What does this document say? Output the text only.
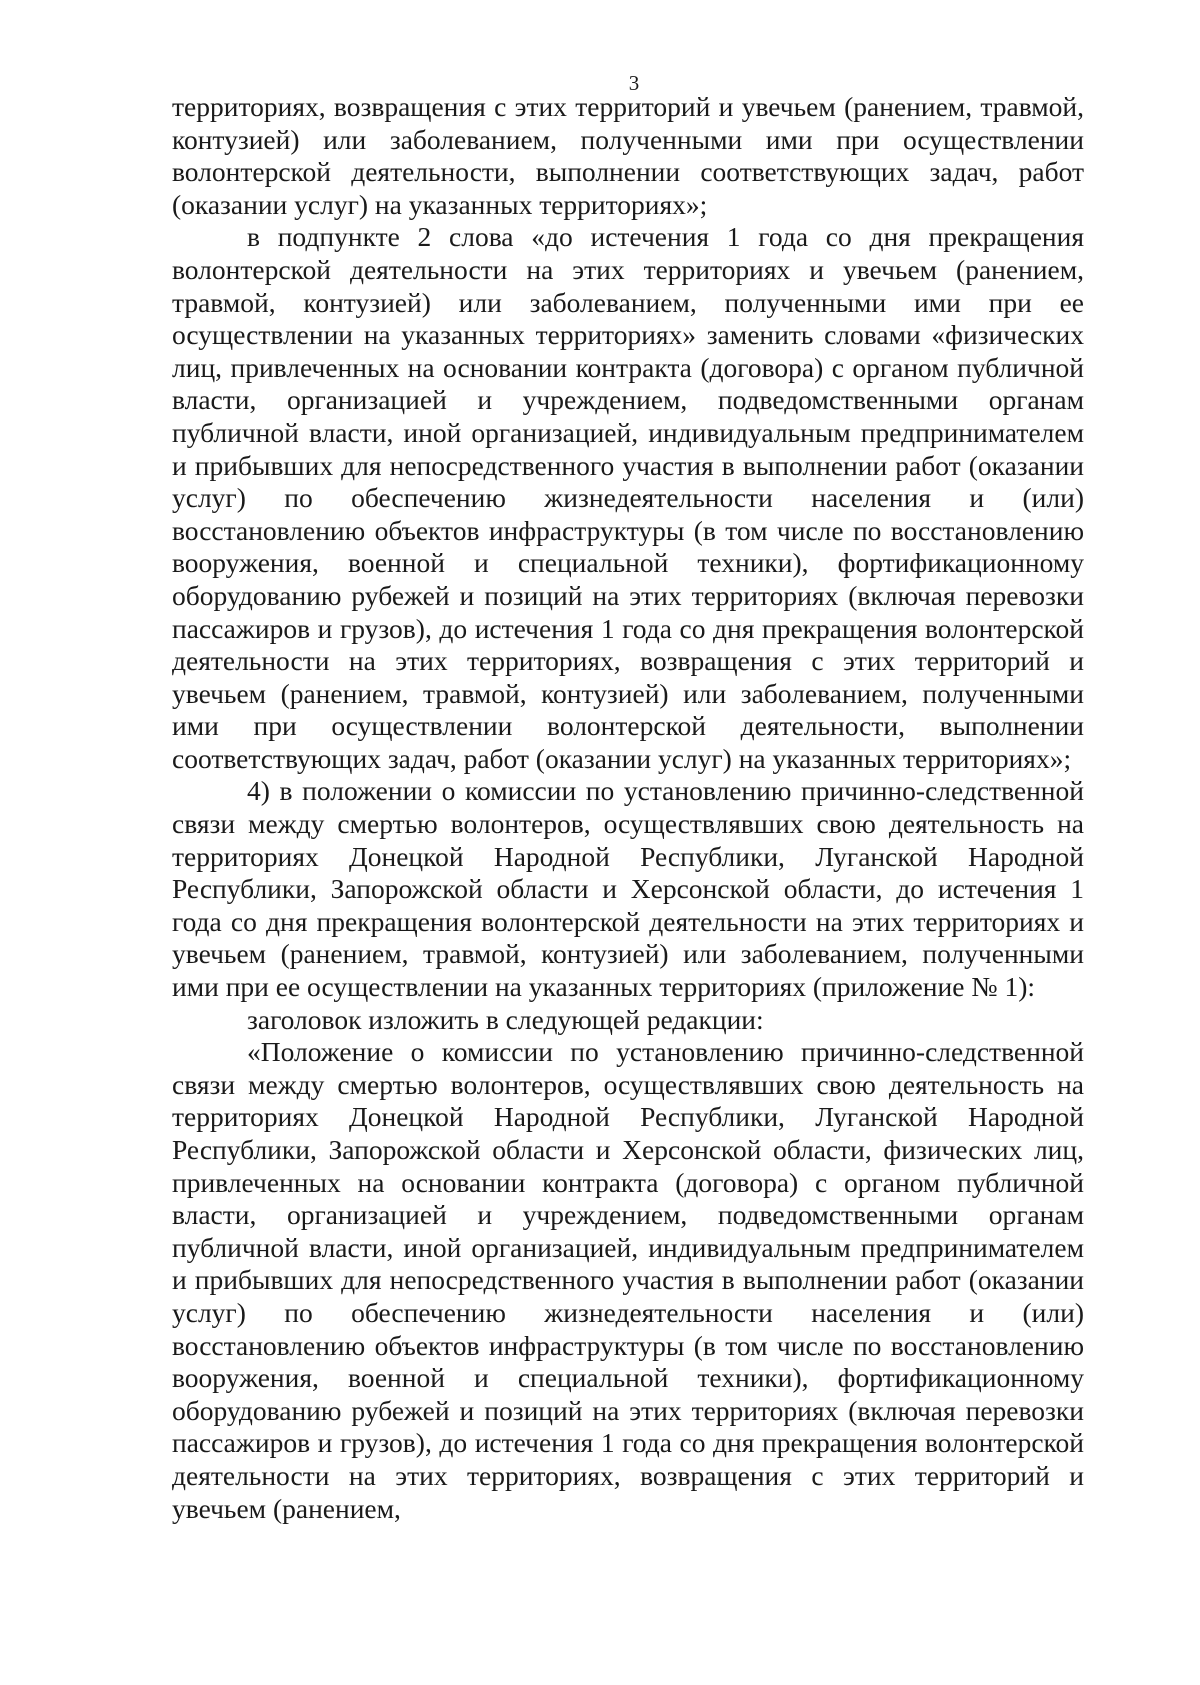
3

территориях, возвращения с этих территорий и увечьем (ранением, травмой, контузией) или заболеванием, полученными ими при осуществлении волонтерской деятельности, выполнении соответствующих задач, работ (оказании услуг) на указанных территориях»;

в подпункте 2 слова «до истечения 1 года со дня прекращения волонтерской деятельности на этих территориях и увечьем (ранением, травмой, контузией) или заболеванием, полученными ими при ее осуществлении на указанных территориях» заменить словами «физических лиц, привлеченных на основании контракта (договора) с органом публичной власти, организацией и учреждением, подведомственными органам публичной власти, иной организацией, индивидуальным предпринимателем и прибывших для непосредственного участия в выполнении работ (оказании услуг) по обеспечению жизнедеятельности населения и (или) восстановлению объектов инфраструктуры (в том числе по восстановлению вооружения, военной и специальной техники), фортификационному оборудованию рубежей и позиций на этих территориях (включая перевозки пассажиров и грузов), до истечения 1 года со дня прекращения волонтерской деятельности на этих территориях, возвращения с этих территорий и увечьем (ранением, травмой, контузией) или заболеванием, полученными ими при осуществлении волонтерской деятельности, выполнении соответствующих задач, работ (оказании услуг) на указанных территориях»;

4) в положении о комиссии по установлению причинно-следственной связи между смертью волонтеров, осуществлявших свою деятельность на территориях Донецкой Народной Республики, Луганской Народной Республики, Запорожской области и Херсонской области, до истечения 1 года со дня прекращения волонтерской деятельности на этих территориях и увечьем (ранением, травмой, контузией) или заболеванием, полученными ими при ее осуществлении на указанных территориях (приложение № 1):

заголовок изложить в следующей редакции:

«Положение о комиссии по установлению причинно-следственной связи между смертью волонтеров, осуществлявших свою деятельность на территориях Донецкой Народной Республики, Луганской Народной Республики, Запорожской области и Херсонской области, физических лиц, привлеченных на основании контракта (договора) с органом публичной власти, организацией и учреждением, подведомственными органам публичной власти, иной организацией, индивидуальным предпринимателем и прибывших для непосредственного участия в выполнении работ (оказании услуг) по обеспечению жизнедеятельности населения и (или) восстановлению объектов инфраструктуры (в том числе по восстановлению вооружения, военной и специальной техники), фортификационному оборудованию рубежей и позиций на этих территориях (включая перевозки пассажиров и грузов), до истечения 1 года со дня прекращения волонтерской деятельности на этих территориях, возвращения с этих территорий и увечьем (ранением,
